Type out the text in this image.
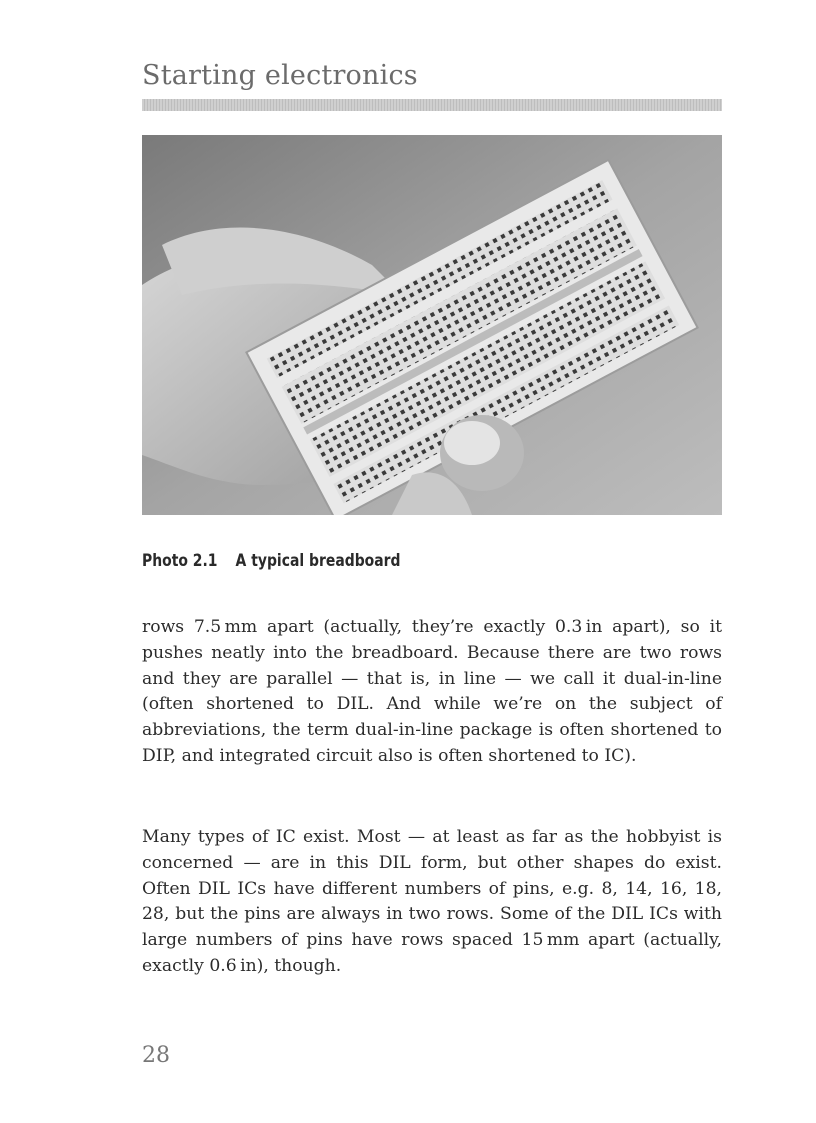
Starting electronics
Photo 2.1 A typical breadboard

rows 7.5 mm apart (actually, they’re exactly 0.3 in apart), so it pushes neatly into the breadboard. Because there are two rows and they are parallel — that is, in line — we call it dual-in-line (often shortened to DIL. And while we’re on the subject of abbreviations, the term dual-in-line package is often shortened to DIP, and integrated circuit also is often shortened to IC).

Many types of IC exist. Most — at least as far as the hobbyist is concerned — are in this DIL form, but other shapes do exist. Often DIL ICs have different numbers of pins, e.g. 8, 14, 16, 18, 28, but the pins are always in two rows. Some of the DIL ICs with large numbers of pins have rows spaced 15 mm apart (actually, exactly 0.6 in), though.

28
